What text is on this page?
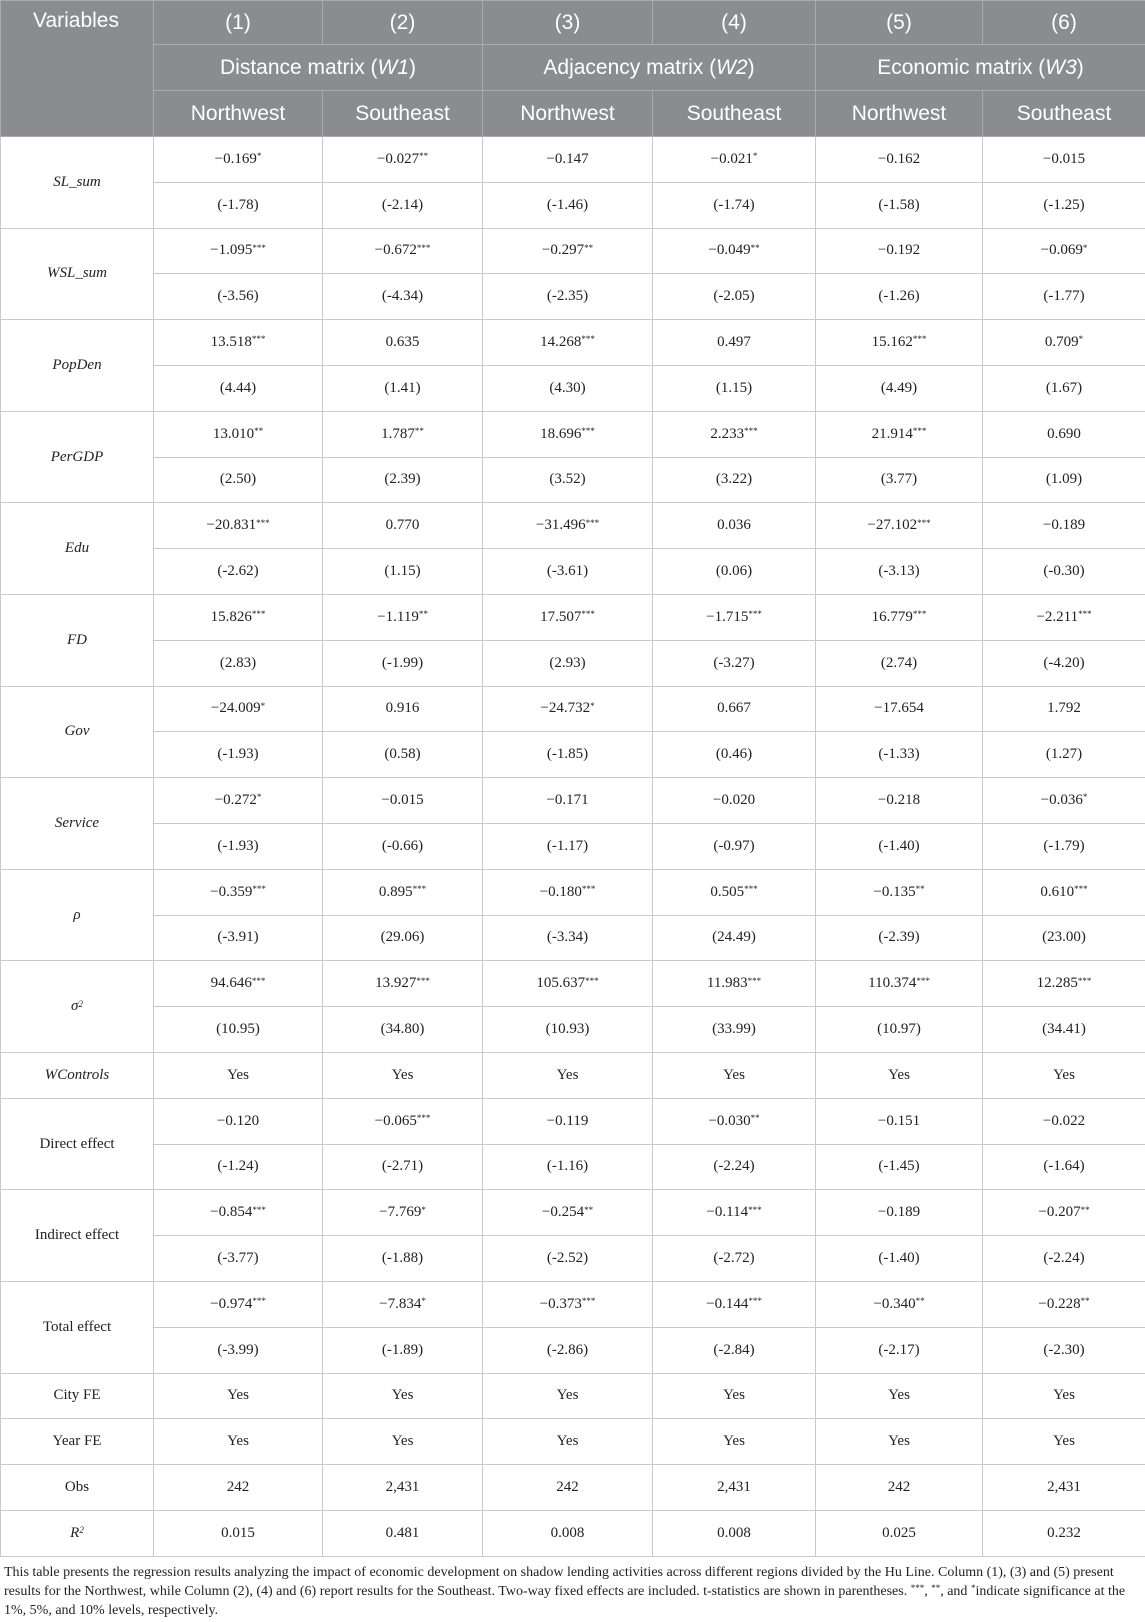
Variables	(1)	(2)	(3)	(4)	(5)	(6)
	Distance matrix (W1)		Adjacency matrix (W2)		Economic matrix (W3)	
	Northwest	Southeast	Northwest	Southeast	Northwest	Southeast
SL_sum	−0.169*	−0.027**	−0.147	−0.021*	−0.162	−0.015
	(-1.78)	(-2.14)	(-1.46)	(-1.74)	(-1.58)	(-1.25)
WSL_sum	−1.095***	−0.672***	−0.297**	−0.049**	−0.192	−0.069*
	(-3.56)	(-4.34)	(-2.35)	(-2.05)	(-1.26)	(-1.77)
PopDen	13.518***	0.635	14.268***	0.497	15.162***	0.709*
	(4.44)	(1.41)	(4.30)	(1.15)	(4.49)	(1.67)
PerGDP	13.010**	1.787**	18.696***	2.233***	21.914***	0.690
	(2.50)	(2.39)	(3.52)	(3.22)	(3.77)	(1.09)
Edu	−20.831***	0.770	−31.496***	0.036	−27.102***	−0.189
	(-2.62)	(1.15)	(-3.61)	(0.06)	(-3.13)	(-0.30)
FD	15.826***	−1.119**	17.507***	−1.715***	16.779***	−2.211***
	(2.83)	(-1.99)	(2.93)	(-3.27)	(2.74)	(-4.20)
Gov	−24.009*	0.916	−24.732*	0.667	−17.654	1.792
	(-1.93)	(0.58)	(-1.85)	(0.46)	(-1.33)	(1.27)
Service	−0.272*	−0.015	−0.171	−0.020	−0.218	−0.036*
	(-1.93)	(-0.66)	(-1.17)	(-0.97)	(-1.40)	(-1.79)
ρ	−0.359***	0.895***	−0.180***	0.505***	−0.135**	0.610***
	(-3.91)	(29.06)	(-3.34)	(24.49)	(-2.39)	(23.00)
$\sigma^2$	94.646***	13.927***	105.637***	11.983***	110.374***	12.285***
	(10.95)	(34.80)	(10.93)	(33.99)	(10.97)	(34.41)
WControls	Yes	Yes	Yes	Yes	Yes	Yes
Direct effect	−0.120	−0.065***	−0.119	−0.030**	−0.151	−0.022
	(-1.24)	(-2.71)	(-1.16)	(-2.24)	(-1.45)	(-1.64)
Indirect effect	−0.854***	−7.769*	−0.254**	−0.114***	−0.189	−0.207**
	(-3.77)	(-1.88)	(-2.52)	(-2.72)	(-1.40)	(-2.24)
Total effect	−0.974***	−7.834*	−0.373***	−0.144***	−0.340**	−0.228**
	(-3.99)	(-1.89)	(-2.86)	(-2.84)	(-2.17)	(-2.30)
City FE	Yes	Yes	Yes	Yes	Yes	Yes
Year FE	Yes	Yes	Yes	Yes	Yes	Yes
Obs	242	2,431	242	2,431	242	2,431
$R^2$	0.015	0.481	0.008	0.008	0.025	0.232
This table presents the regression results analyzing the impact of economic development on shadow lending activities across different regions divided by the Hu Line. Column (1), (3) and (5) present results for the Northwest, while Column (2), (4) and (6) report results for the Southeast. Two-way fixed effects are included. t-statistics are shown in parentheses. ***, **, and *indicate significance at the 1%, 5%, and 10% levels, respectively.
